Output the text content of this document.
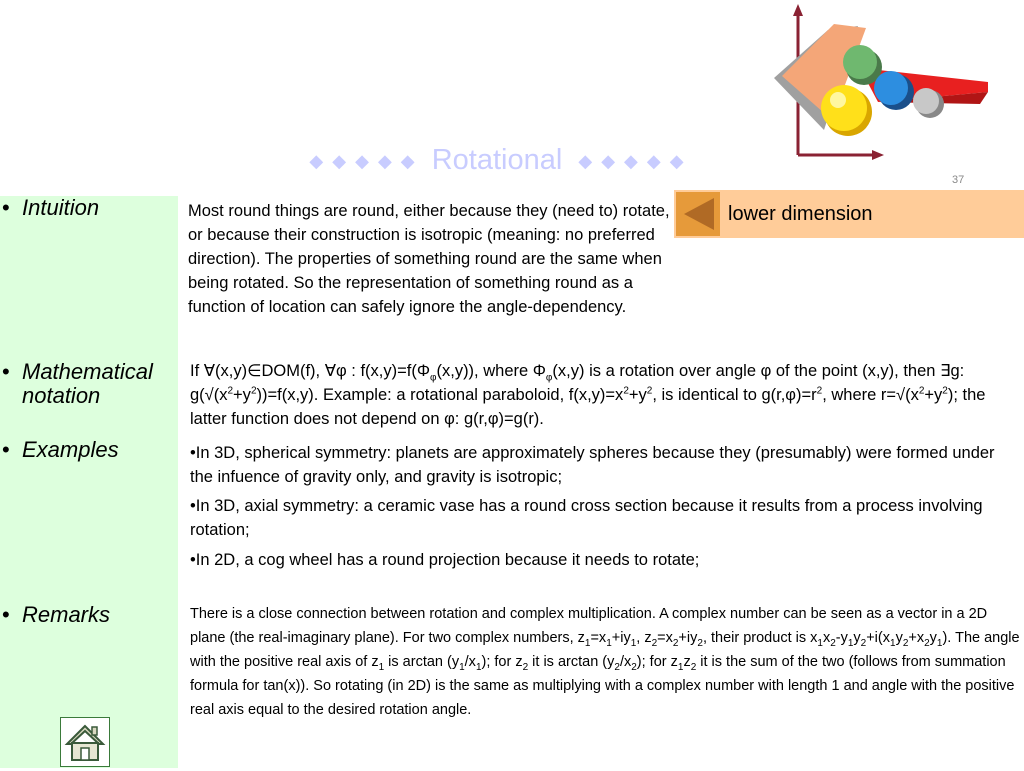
◆◆◆◆◆ Rotational ◆◆◆◆◆
37
lower dimension
• Intuition
• Mathematical
notation
• Examples
• Remarks
Most round things are round, either because they (need to) rotate, or because their construction is isotropic (meaning: no preferred direction). The properties of something round are the same when being rotated. So the representation of something round as a function of location can safely ignore the angle-dependency.
If ∀(x,y)∈DOM(f), ∀φ : $f(x,y)=f(\Phi_\varphi(x,y))$, where $\Phi_\varphi(x,y)$ is a rotation over angle φ of the point (x,y), then ∃g: $g(√(x^2+y^2))=f(x,y)$. Example: a rotational paraboloid, $f(x,y)=x^2+y^2$, is identical to $g(r,\varphi)=r^2$, where $r=√(x^2+y^2)$; the latter function does not depend on φ: g(r,φ)=g(r).
•In 3D, spherical symmetry: planets are approximately spheres because they (presumably) were formed under the infuence of gravity only, and gravity is isotropic;
•In 3D, axial symmetry: a ceramic vase has a round cross section because it results from a process involving rotation;
•In 2D, a cog wheel has a round projection because it needs to rotate;
There is a close connection between rotation and complex multiplication. A complex number can be seen as a vector in a 2D plane (the real-imaginary plane). For two complex numbers, $z_1=x_1+iy_1$, $z_2=x_2+iy_2$, their product is $x_1x_2-y_1y_2+i(x_1y_2+x_2y_1)$. The angle with the positive real axis of $z_1$ is $\arctan (y_1/x_1)$; for $z_2$ it is $\arctan (y_2/x_2)$; for $z_1z_2$ it is the sum of the two (follows from summation formula for tan(x)). So rotating (in 2D) is the same as multiplying with a complex number with length 1 and angle with the positive real axis equal to the desired rotation angle.
